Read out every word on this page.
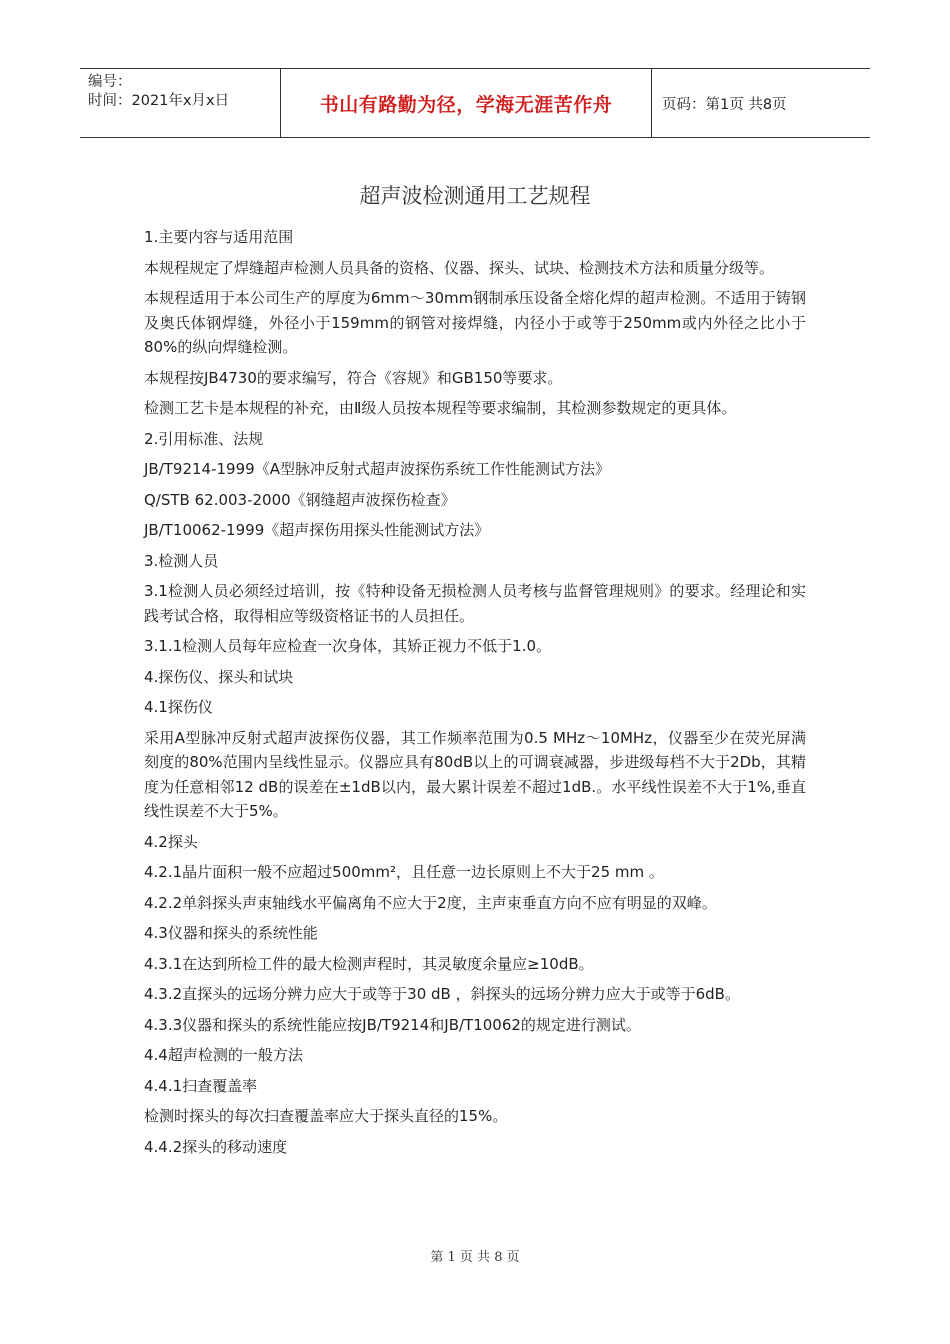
编号：
时间：2021年x月x日	书山有路勤为径，学海无涯苦作舟	页码：第1页 共8页
超声波检测通用工艺规程

1.主要内容与适用范围

本规程规定了焊缝超声检测人员具备的资格、仪器、探头、试块、检测技术方法和质量分级等。

本规程适用于本公司生产的厚度为6mm～30mm钢制承压设备全熔化焊的超声检测。不适用于铸钢及奥氏体钢焊缝，外径小于159mm的钢管对接焊缝，内径小于或等于250mm或内外径之比小于80%的纵向焊缝检测。

本规程按JB4730的要求编写，符合《容规》和GB150等要求。

检测工艺卡是本规程的补充，由Ⅱ级人员按本规程等要求编制，其检测参数规定的更具体。

2.引用标准、法规

JB/T9214-1999《A型脉冲反射式超声波探伤系统工作性能测试方法》

Q/STB 62.003-2000《钢缝超声波探伤检查》

JB/T10062-1999《超声探伤用探头性能测试方法》

3.检测人员

3.1检测人员必须经过培训，按《特种设备无损检测人员考核与监督管理规则》的要求。经理论和实践考试合格，取得相应等级资格证书的人员担任。

3.1.1检测人员每年应检查一次身体，其矫正视力不低于1.0。

4.探伤仪、探头和试块

4.1探伤仪

采用A型脉冲反射式超声波探伤仪器，其工作频率范围为0.5 MHz～10MHz，仪器至少在荧光屏满刻度的80%范围内呈线性显示。仪器应具有80dB以上的可调衰减器，步进级每档不大于2Db，其精度为任意相邻12 dB的误差在±1dB以内，最大累计误差不超过1dB.。水平线性误差不大于1%,垂直线性误差不大于5%。

4.2探头

4.2.1晶片面积一般不应超过500mm²，且任意一边长原则上不大于25 mm 。

4.2.2单斜探头声束轴线水平偏离角不应大于2度，主声束垂直方向不应有明显的双峰。

4.3仪器和探头的系统性能

4.3.1在达到所检工件的最大检测声程时，其灵敏度余量应≥10dB。

4.3.2直探头的远场分辨力应大于或等于30 dB ，斜探头的远场分辨力应大于或等于6dB。

4.3.3仪器和探头的系统性能应按JB/T9214和JB/T10062的规定进行测试。

4.4超声检测的一般方法

4.4.1扫查覆盖率

检测时探头的每次扫查覆盖率应大于探头直径的15%。

4.4.2探头的移动速度

第 1 页 共 8 页
